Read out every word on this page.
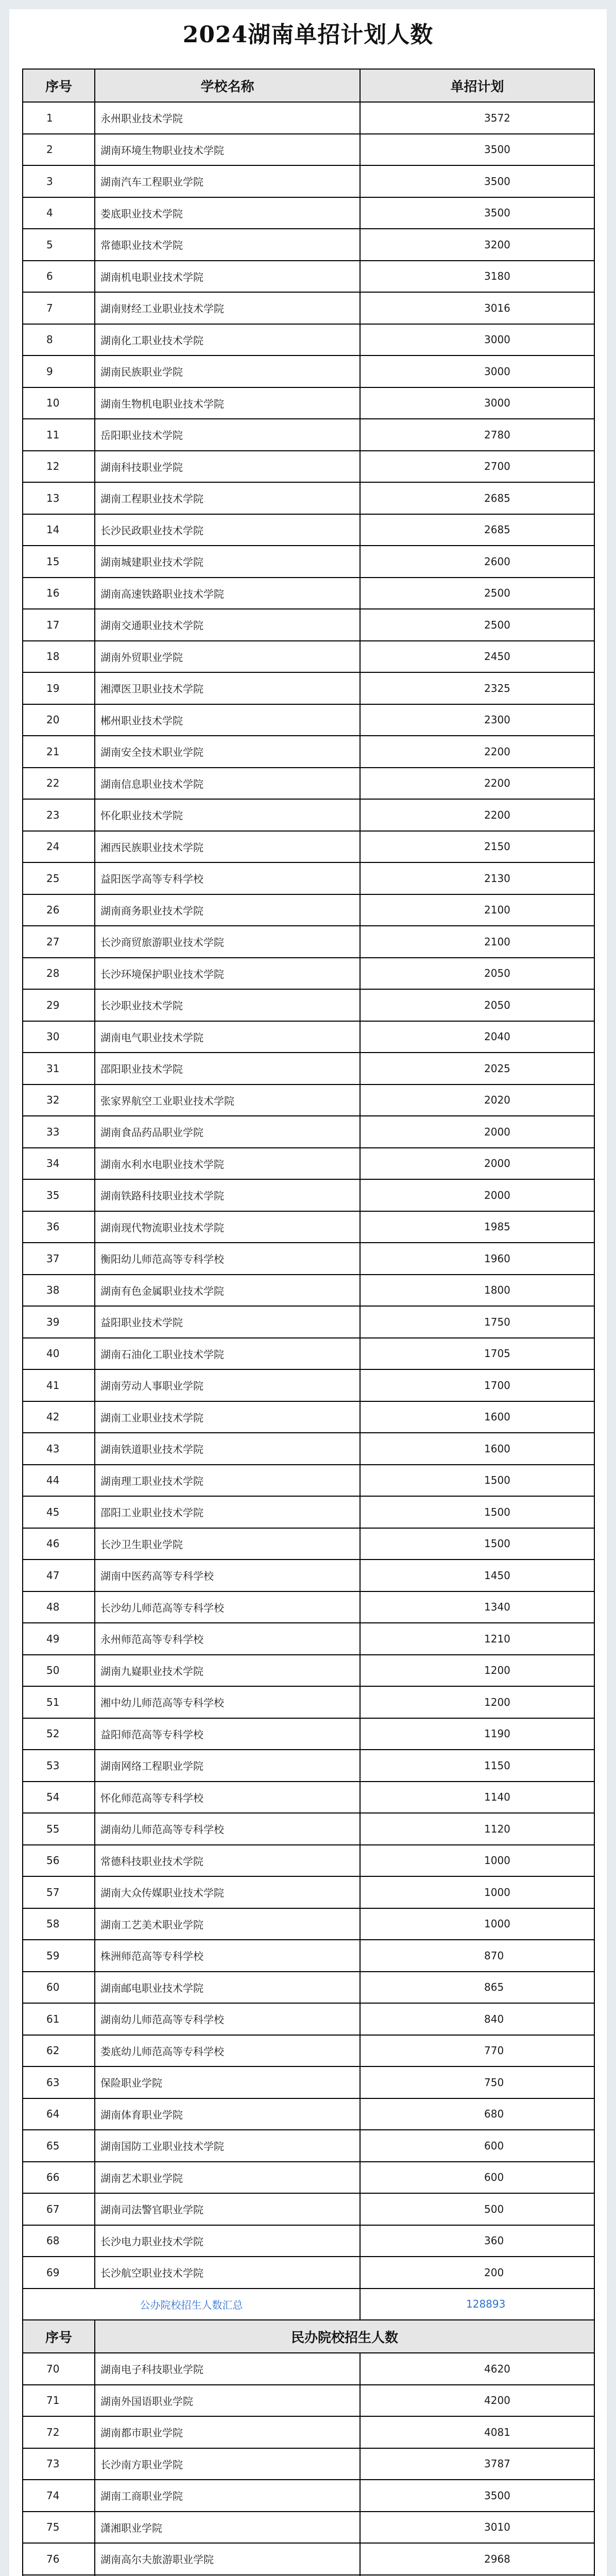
2024湖南单招计划人数
序号	学校名称	单招计划
1	永州职业技术学院	3572
2	湖南环境生物职业技术学院	3500
3	湖南汽车工程职业学院	3500
4	娄底职业技术学院	3500
5	常德职业技术学院	3200
6	湖南机电职业技术学院	3180
7	湖南财经工业职业技术学院	3016
8	湖南化工职业技术学院	3000
9	湖南民族职业学院	3000
10	湖南生物机电职业技术学院	3000
11	岳阳职业技术学院	2780
12	湖南科技职业学院	2700
13	湖南工程职业技术学院	2685
14	长沙民政职业技术学院	2685
15	湖南城建职业技术学院	2600
16	湖南高速铁路职业技术学院	2500
17	湖南交通职业技术学院	2500
18	湖南外贸职业学院	2450
19	湘潭医卫职业技术学院	2325
20	郴州职业技术学院	2300
21	湖南安全技术职业学院	2200
22	湖南信息职业技术学院	2200
23	怀化职业技术学院	2200
24	湘西民族职业技术学院	2150
25	益阳医学高等专科学校	2130
26	湖南商务职业技术学院	2100
27	长沙商贸旅游职业技术学院	2100
28	长沙环境保护职业技术学院	2050
29	长沙职业技术学院	2050
30	湖南电气职业技术学院	2040
31	邵阳职业技术学院	2025
32	张家界航空工业职业技术学院	2020
33	湖南食品药品职业学院	2000
34	湖南水利水电职业技术学院	2000
35	湖南铁路科技职业技术学院	2000
36	湖南现代物流职业技术学院	1985
37	衡阳幼儿师范高等专科学校	1960
38	湖南有色金属职业技术学院	1800
39	益阳职业技术学院	1750
40	湖南石油化工职业技术学院	1705
41	湖南劳动人事职业学院	1700
42	湖南工业职业技术学院	1600
43	湖南铁道职业技术学院	1600
44	湖南理工职业技术学院	1500
45	邵阳工业职业技术学院	1500
46	长沙卫生职业学院	1500
47	湖南中医药高等专科学校	1450
48	长沙幼儿师范高等专科学校	1340
49	永州师范高等专科学校	1210
50	湖南九嶷职业技术学院	1200
51	湘中幼儿师范高等专科学校	1200
52	益阳师范高等专科学校	1190
53	湖南网络工程职业学院	1150
54	怀化师范高等专科学校	1140
55	湖南幼儿师范高等专科学校	1120
56	常德科技职业技术学院	1000
57	湖南大众传媒职业技术学院	1000
58	湖南工艺美术职业学院	1000
59	株洲师范高等专科学校	870
60	湖南邮电职业技术学院	865
61	湖南幼儿师范高等专科学校	840
62	娄底幼儿师范高等专科学校	770
63	保险职业学院	750
64	湖南体育职业学院	680
65	湖南国防工业职业技术学院	600
66	湖南艺术职业学院	600
67	湖南司法警官职业学院	500
68	长沙电力职业技术学院	360
69	长沙航空职业技术学院	200
公办院校招生人数汇总		128893
序号	民办院校招生人数	
70	湖南电子科技职业学院	4620
71	湖南外国语职业学院	4200
72	湖南都市职业学院	4081
73	长沙南方职业学院	3787
74	湖南工商职业学院	3500
75	潇湘职业学院	3010
76	湖南高尔夫旅游职业学院	2968
